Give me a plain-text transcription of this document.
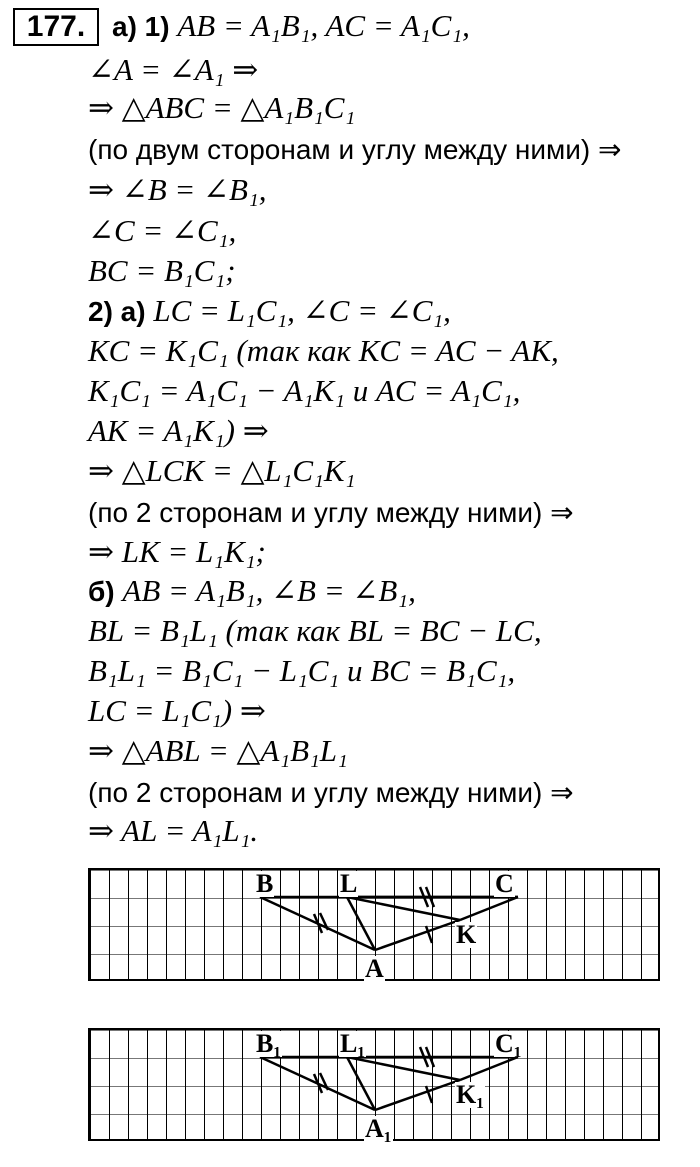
177. а) 1) AB = A₁B₁, AC = A₁C₁,
∠A = ∠A₁ ⇒
⇒ △ABC = △A₁B₁C₁
(по двум сторонам и углу между ними) ⇒
⇒ ∠B = ∠B₁,
∠C = ∠C₁,
BC = B₁C₁;
2) а) LC = L₁C₁, ∠C = ∠C₁,
KC = K₁C₁ (так как KC = AC − AK,
K₁C₁ = A₁C₁ − A₁K₁ и AC = A₁C₁,
AK = A₁K₁) ⇒
⇒ △LCK = △L₁C₁K₁
(по 2 сторонам и углу между ними) ⇒
⇒ LK = L₁K₁;
б) AB = A₁B₁, ∠B = ∠B₁,
BL = B₁L₁ (так как BL = BC − LC,
B₁L₁ = B₁C₁ − L₁C₁ и BC = B₁C₁,
LC = L₁C₁) ⇒
⇒ △ABL = △A₁B₁L₁
(по 2 сторонам и углу между ними) ⇒
⇒ AL = A₁L₁.
B	L	C
K
A
B₁ L₁	C₁
K₁
A₁
